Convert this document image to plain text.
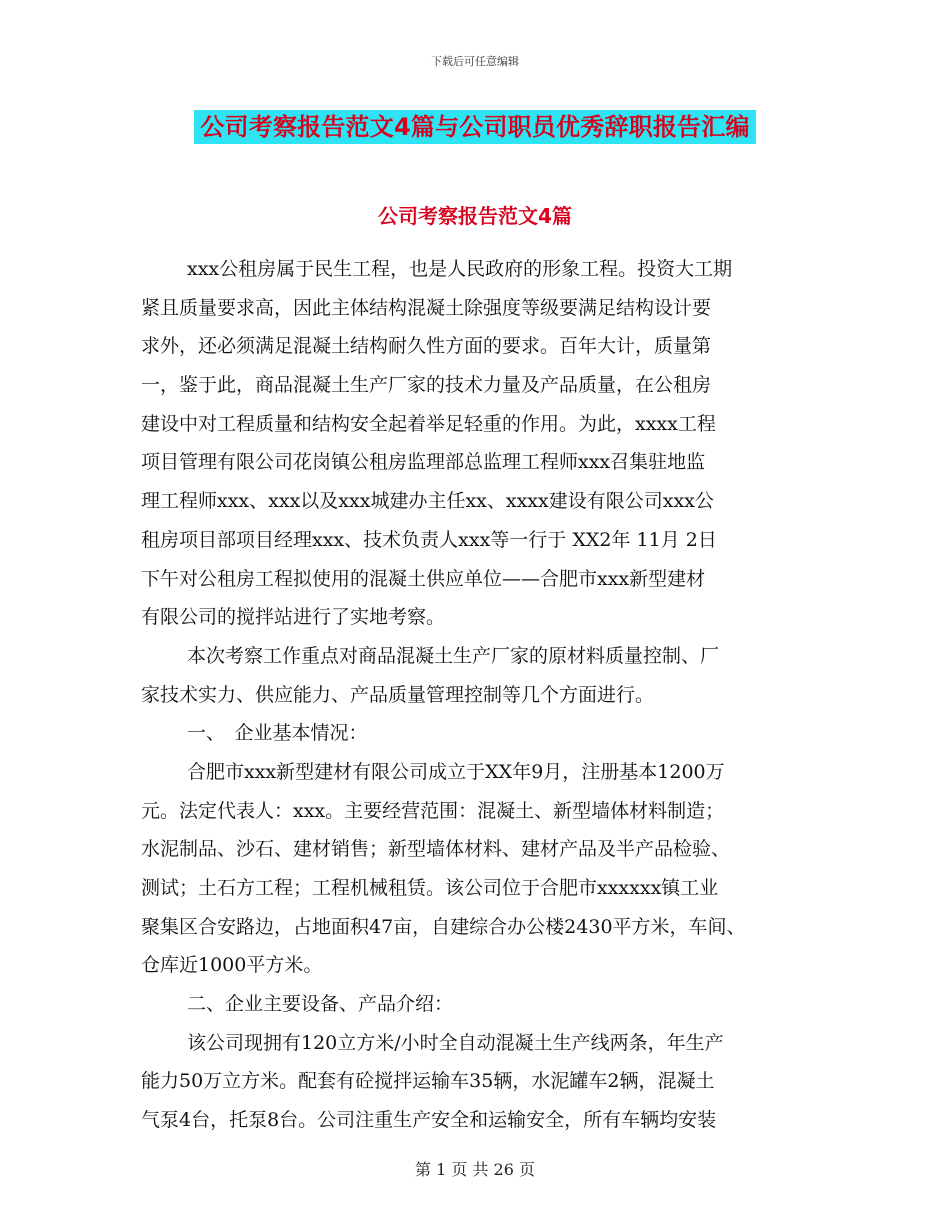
下载后可任意编辑
公司考察报告范文4篇与公司职员优秀辞职报告汇编
公司考察报告范文4篇
xxx公租房属于民生工程，也是人民政府的形象工程。投资大工期
紧且质量要求高，因此主体结构混凝土除强度等级要满足结构设计要
求外，还必须满足混凝土结构耐久性方面的要求。百年大计，质量第
一，鉴于此，商品混凝土生产厂家的技术力量及产品质量，在公租房
建设中对工程质量和结构安全起着举足轻重的作用。为此，xxxx工程
项目管理有限公司花岗镇公租房监理部总监理工程师xxx召集驻地监
理工程师xxx、xxx以及xxx城建办主任xx、xxxx建设有限公司xxx公
租房项目部项目经理xxx、技术负责人xxx等一行于 XX2年 11月 2日
下午对公租房工程拟使用的混凝土供应单位——合肥市xxx新型建材
有限公司的搅拌站进行了实地考察。
本次考察工作重点对商品混凝土生产厂家的原材料质量控制、厂
家技术实力、供应能力、产品质量管理控制等几个方面进行。
一、　企业基本情况：
合肥市xxx新型建材有限公司成立于XX年9月，注册基本1200万
元。法定代表人：xxx。主要经营范围：混凝土、新型墙体材料制造；
水泥制品、沙石、建材销售；新型墙体材料、建材产品及半产品检验、
测试；土石方工程；工程机械租赁。该公司位于合肥市xxxxxx镇工业
聚集区合安路边，占地面积47亩，自建综合办公楼2430平方米，车间、
仓库近1000平方米。
二、企业主要设备、产品介绍：
该公司现拥有120立方米/小时全自动混凝土生产线两条，年生产
能力50万立方米。配套有砼搅拌运输车35辆，水泥罐车2辆，混凝土
气泵4台，托泵8台。公司注重生产安全和运输安全，所有车辆均安装
第 1 页 共 26 页
